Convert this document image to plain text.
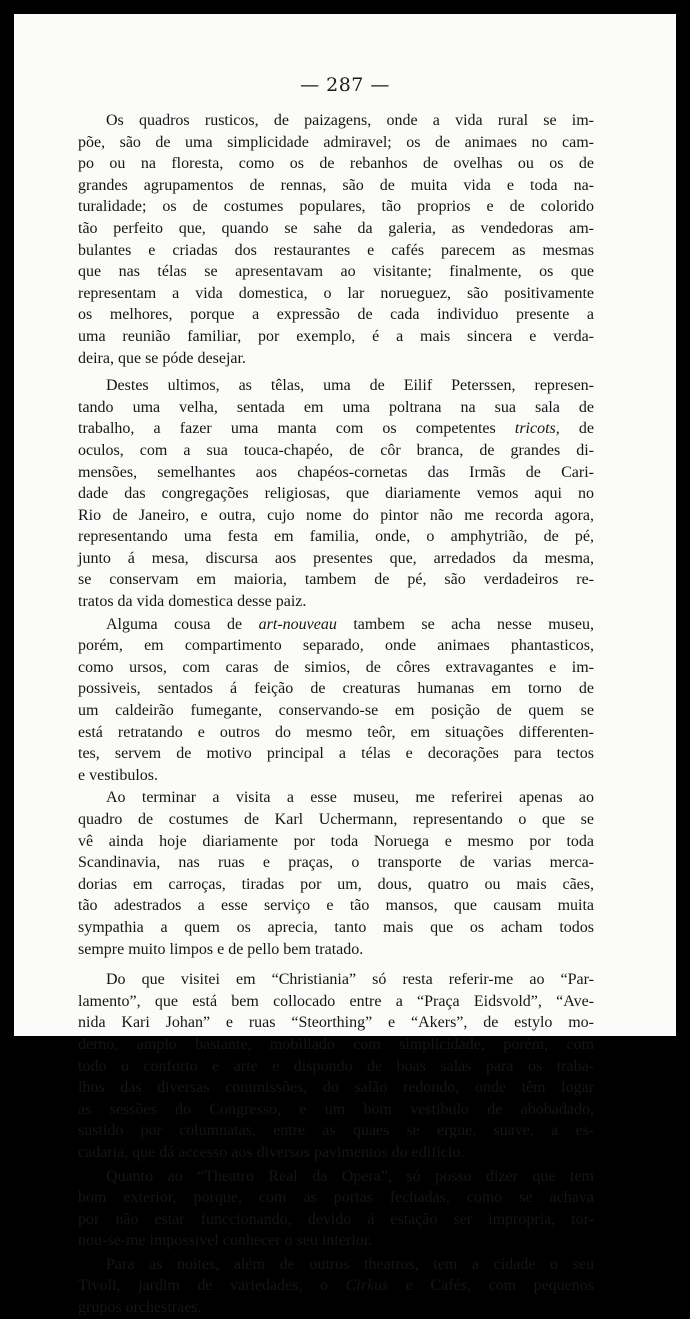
— 287 —

Os quadros rusticos, de paizagens, onde a vida rural se im-
põe, são de uma simplicidade admiravel; os de animaes no cam-
po ou na floresta, como os de rebanhos de ovelhas ou os de
grandes agrupamentos de rennas, são de muita vida e toda na-
turalidade; os de costumes populares, tão proprios e de colorido
tão perfeito que, quando se sahe da galeria, as vendedoras am-
bulantes e criadas dos restaurantes e cafés parecem as mesmas
que nas télas se apresentavam ao visitante; finalmente, os que
representam a vida domestica, o lar norueguez, são positivamente
os melhores, porque a expressão de cada individuo presente a
uma reunião familiar, por exemplo, é a mais sincera e verda-
deira, que se póde desejar.

Destes ultimos, as têlas, uma de Eilif Peterssen, represen-
tando uma velha, sentada em uma poltrana na sua sala de
trabalho, a fazer uma manta com os competentes tricots, de
oculos, com a sua touca-chapéo, de côr branca, de grandes di-
mensões, semelhantes aos chapéos-cornetas das Irmãs de Cari-
dade das congregações religiosas, que diariamente vemos aqui no
Rio de Janeiro, e outra, cujo nome do pintor não me recorda agora,
representando uma festa em familia, onde, o amphytrião, de pé,
junto á mesa, discursa aos presentes que, arredados da mesma,
se conservam em maioria, tambem de pé, são verdadeiros re-
tratos da vida domestica desse paiz.

Alguma cousa de art-nouveau tambem se acha nesse museu,
porém, em compartimento separado, onde animaes phantasticos,
como ursos, com caras de simios, de côres extravagantes e im-
possiveis, sentados á feição de creaturas humanas em torno de
um caldeirão fumegante, conservando-se em posição de quem se
está retratando e outros do mesmo teôr, em situações differenten-
tes, servem de motivo principal a télas e decorações para tectos
e vestibulos.

Ao terminar a visita a esse museu, me referirei apenas ao
quadro de costumes de Karl Uchermann, representando o que se
vê ainda hoje diariamente por toda Noruega e mesmo por toda
Scandinavia, nas ruas e praças, o transporte de varias merca-
dorias em carroças, tiradas por um, dous, quatro ou mais cães,
tão adestrados a esse serviço e tão mansos, que causam muita
sympathia a quem os aprecia, tanto mais que os acham todos
sempre muito limpos e de pello bem tratado.

Do que visitei em “Christiania” só resta referir-me ao “Par-
lamento”, que está bem collocado entre a “Praça Eidsvold”, “Ave-
nida Kari Johan” e ruas “Steorthing” e “Akers”, de estylo mo-
derno, amplo bastante, mobiliado com simplicidade, porém, com
todo o conforto e arte e dispondo de boas salas para os traba-
lhos das diversas commissões, do salão redondo, onde têm logar
as sessões do Congresso, e um bom vestibulo de abobadado,
sustido por columnatas, entre as quaes se ergue, suave, a es-
cadaria, que dá accesso aos diversos pavimentos do edificio.

Quanto ao “Theatro Real da Opera”, só posso dizer que tem
bom exterior, porque, com as portas fechadas, como se achava
por não estar funccionando, devido á estação ser impropria, tor-
nou-se-me impossivel conhecer o seu interior.

Para as noites, além de outros theatros, tem a cidade o seu
Tivoli, jardim de variedades, o Cirkus e Cafés, com pequenos
grupos orchestraes.
